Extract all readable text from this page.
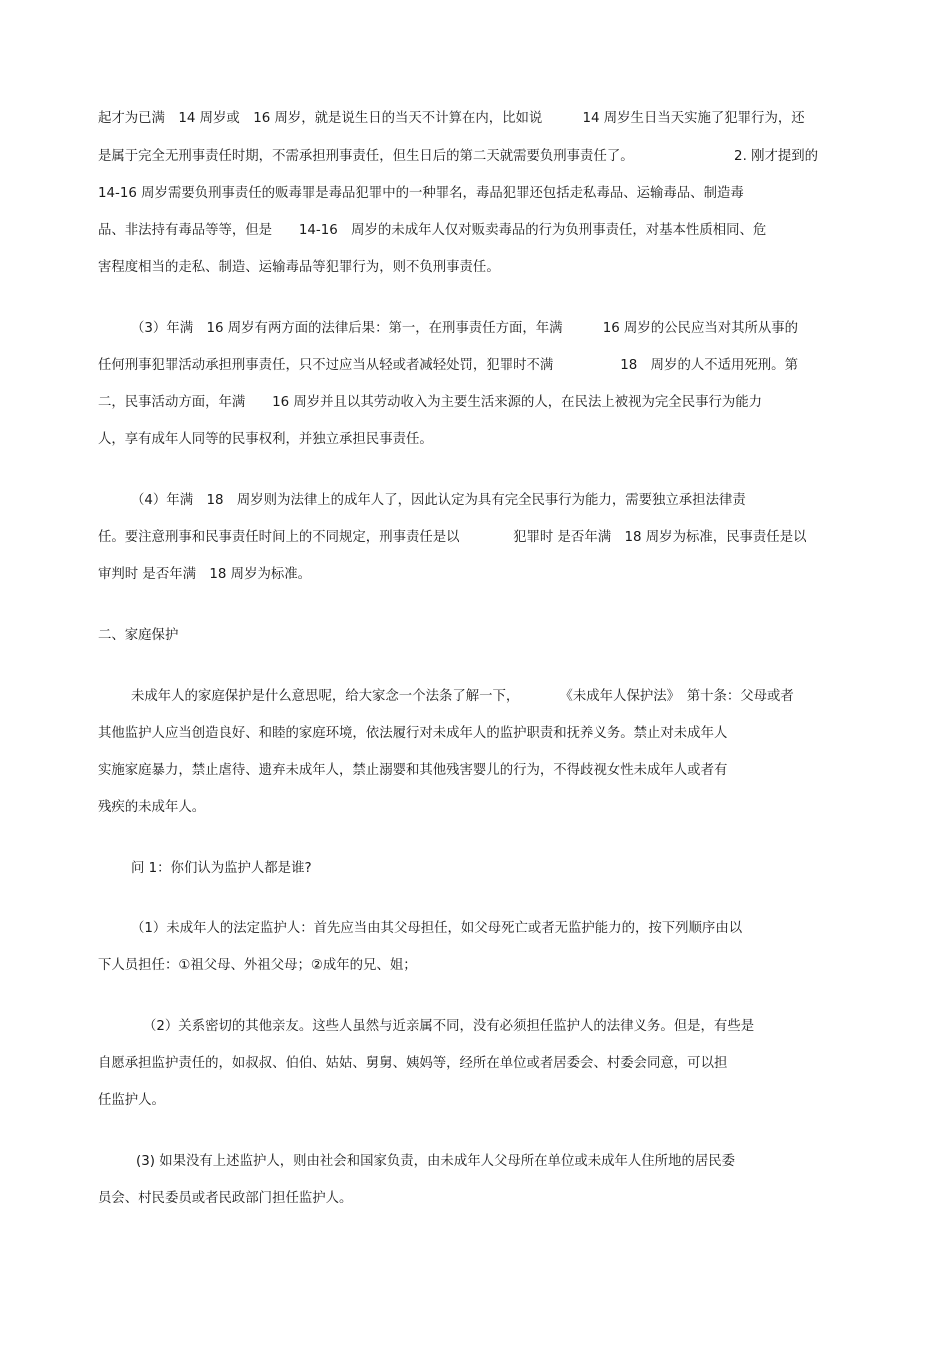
起才为已满　14 周岁或　16 周岁，就是说生日的当天不计算在内，比如说　　　14 周岁生日当天实施了犯罪行为，还
是属于完全无刑事责任时期，不需承担刑事责任，但生日后的第二天就需要负刑事责任了。　　　　　　　　2. 刚才提到的
14-16 周岁需要负刑事责任的贩毒罪是毒品犯罪中的一种罪名，毒品犯罪还包括走私毒品、运输毒品、制造毒
品、非法持有毒品等等，但是　　14-16　周岁的未成年人仅对贩卖毒品的行为负刑事责任，对基本性质相同、危
害程度相当的走私、制造、运输毒品等犯罪行为，则不负刑事责任。
（3）年满　16 周岁有两方面的法律后果：第一，在刑事责任方面，年满　　　16 周岁的公民应当对其所从事的
任何刑事犯罪活动承担刑事责任，只不过应当从轻或者减轻处罚，犯罪时不满　　　　　18　周岁的人不适用死刑。第
二，民事活动方面，年满　　16 周岁并且以其劳动收入为主要生活来源的人，在民法上被视为完全民事行为能力
人，享有成年人同等的民事权利，并独立承担民事责任。
（4）年满　18　周岁则为法律上的成年人了，因此认定为具有完全民事行为能力，需要独立承担法律责
任。要注意刑事和民事责任时间上的不同规定，刑事责任是以　　　　犯罪时 是否年满　18 周岁为标准，民事责任是以
审判时 是否年满　18 周岁为标准。
二、家庭保护
未成年人的家庭保护是什么意思呢，给大家念一个法条了解一下，　　　　《未成年人保护法》　第十条：父母或者
其他监护人应当创造良好、和睦的家庭环境，依法履行对未成年人的监护职责和抚养义务。禁止对未成年人
实施家庭暴力，禁止虐待、遗弃未成年人，禁止溺婴和其他残害婴儿的行为，不得歧视女性未成年人或者有
残疾的未成年人。
问 1：你们认为监护人都是谁?
（1）未成年人的法定监护人：首先应当由其父母担任，如父母死亡或者无监护能力的，按下列顺序由以
下人员担任：①祖父母、外祖父母；②成年的兄、姐；
（2）关系密切的其他亲友。这些人虽然与近亲属不同，没有必须担任监护人的法律义务。但是，有些是
自愿承担监护责任的，如叔叔、伯伯、姑姑、舅舅、姨妈等，经所在单位或者居委会、村委会同意，可以担
任监护人。
(3) 如果没有上述监护人，则由社会和国家负责，由未成年人父母所在单位或未成年人住所地的居民委
员会、村民委员或者民政部门担任监护人。
